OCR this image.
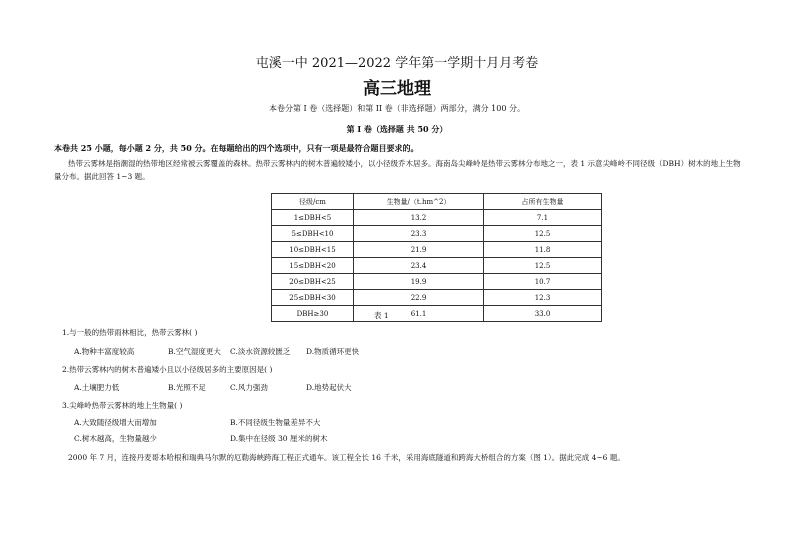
屯溪一中 2021—2022 学年第一学期十月月考卷
高三地理
本卷分第 I 卷（选择题）和第 II 卷（非选择题）两部分，满分 100 分。
第 I 卷（选择题 共 50 分）
本卷共 25 小题，每小题 2 分，共 50 分。在每题给出的四个选项中，只有一项是最符合题目要求的。
热带云雾林是指潮湿的热带地区经常被云雾覆盖的森林。热带云雾林内的树木普遍较矮小，以小径级乔木居多。海南岛尖峰岭是热带云雾林分布地之一，表 1 示意尖峰岭不同径级（DBH）树木的地上生物量分布。据此回答 1~3 题。
径级/cm	生物量/（t.hm^2）	占所有生物量
1≤DBH<5	13.2	7.1
5≤DBH<10	23.3	12.5
10≤DBH<15	21.9	11.8
15≤DBH<20	23.4	12.5
20≤DBH<25	19.9	10.7
25≤DBH<30	22.9	12.3
DBH≥30	61.1	33.0
表 1
1.与一般的热带雨林相比，热带云雾林( )
A.物种丰富度较高	B.空气湿度更大 C.淡水资源较匮乏 D.物质循环更快
2.热带云雾林内的树木普遍矮小且以小径级居多的主要原因是( )
A.土壤肥力低	B.光照不足	C.风力强劲	D.地势起伏大
3.尖峰岭热带云雾林的地上生物量( )
A.大致随径级增大而增加	B.不同径级生物量差异不大
C.树木越高，生物量越少	D.集中在径级 30 厘米的树木
2000 年 7 月，连接丹麦哥本哈根和瑞典马尔默的厄勒海峡跨海工程正式通车。该工程全长 16 千米，采用海底隧道和跨海大桥组合的方案（图 1）。据此完成 4~6 题。
